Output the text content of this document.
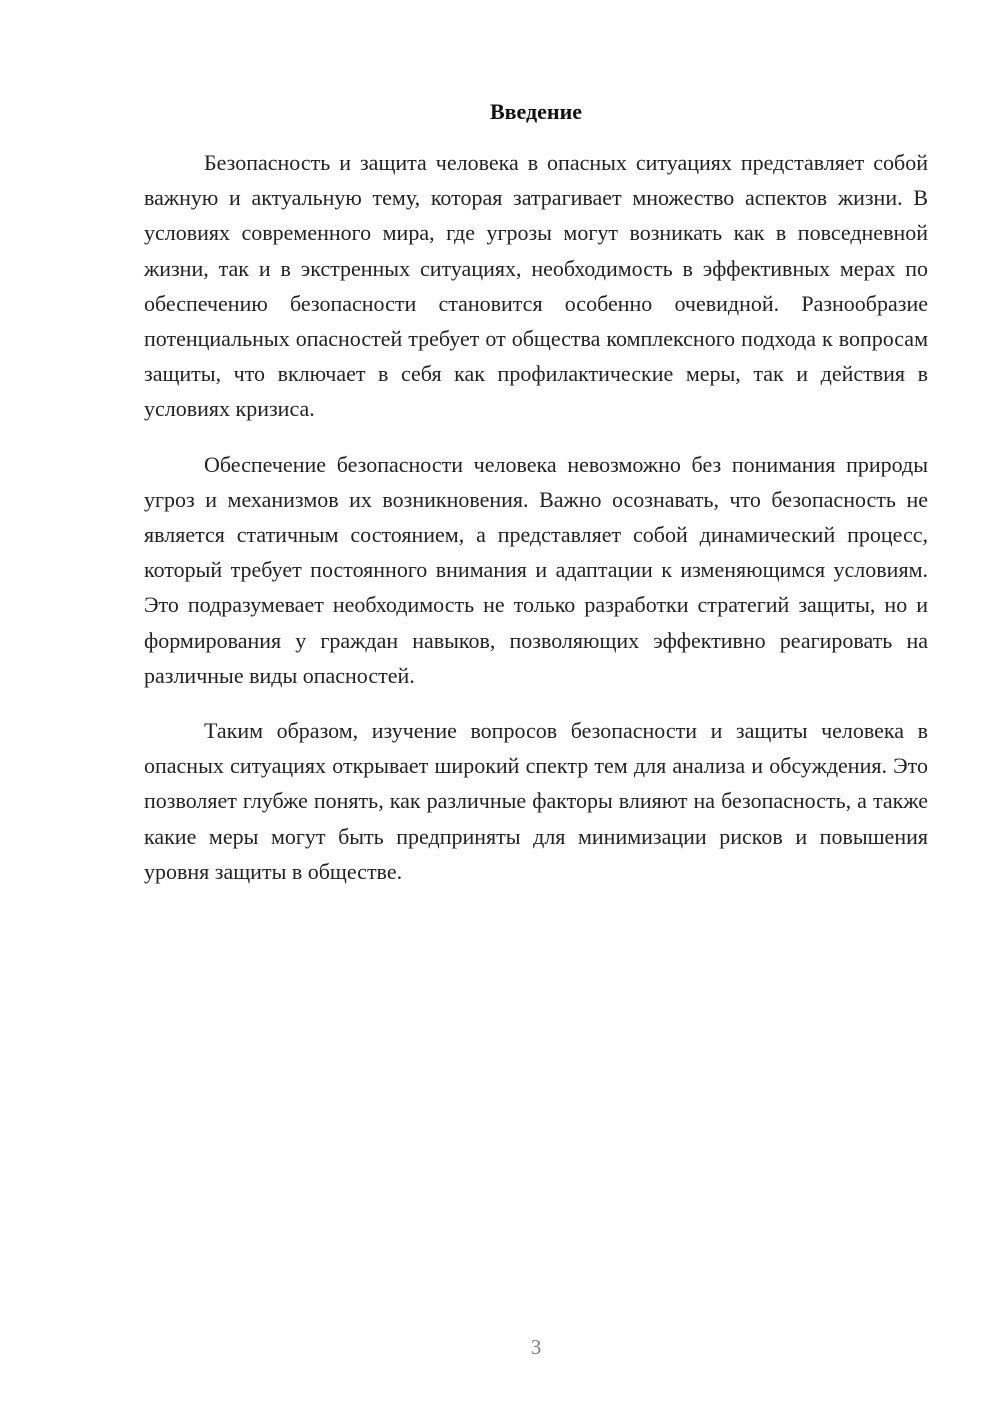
Введение

Безопасность и защита человека в опасных ситуациях представляет собой важную и актуальную тему, которая затрагивает множество аспектов жизни. В условиях современного мира, где угрозы могут возникать как в повседневной жизни, так и в экстренных ситуациях, необходимость в эффективных мерах по обеспечению безопасности становится особенно очевидной. Разнообразие потенциальных опасностей требует от общества комплексного подхода к вопросам защиты, что включает в себя как профилактические меры, так и действия в условиях кризиса.

Обеспечение безопасности человека невозможно без понимания природы угроз и механизмов их возникновения. Важно осознавать, что безопасность не является статичным состоянием, а представляет собой динамический процесс, который требует постоянного внимания и адаптации к изменяющимся условиям. Это подразумевает необходимость не только разработки стратегий защиты, но и формирования у граждан навыков, позволяющих эффективно реагировать на различные виды опасностей.

Таким образом, изучение вопросов безопасности и защиты человека в опасных ситуациях открывает широкий спектр тем для анализа и обсуждения. Это позволяет глубже понять, как различные факторы влияют на безопасность, а также какие меры могут быть предприняты для минимизации рисков и повышения уровня защиты в обществе.

3
